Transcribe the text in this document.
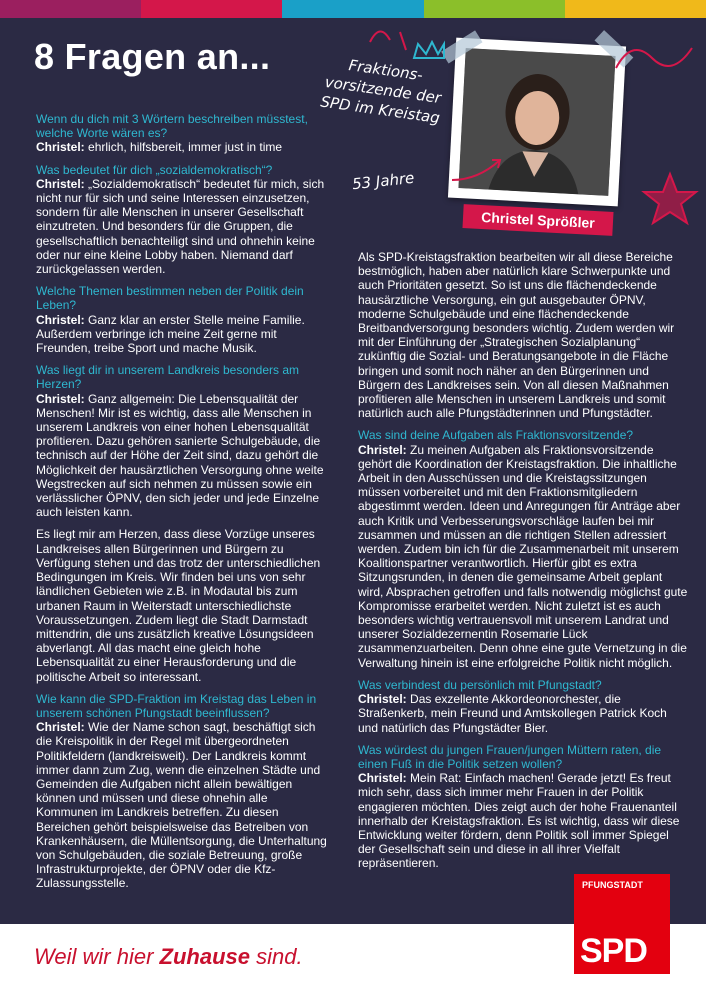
8 Fragen an...

Wenn du dich mit 3 Wörtern beschreiben müsstest, welche Worte wären es?
Christel: ehrlich, hilfsbereit, immer just in time

Was bedeutet für dich „sozialdemokratisch“?
Christel: „Sozialdemokratisch“ bedeutet für mich, sich nicht nur für sich und seine Interessen einzusetzen, sondern für alle Menschen in unserer Gesellschaft einzutreten. Und besonders für die Gruppen, die gesellschaftlich benachteiligt sind und ohnehin keine oder nur eine kleine Lobby haben. Niemand darf zurückgelassen werden.

Welche Themen bestimmen neben der Politik dein Leben?
Christel: Ganz klar an erster Stelle meine Familie. Außerdem verbringe ich meine Zeit gerne mit Freunden, treibe Sport und mache Musik.

Was liegt dir in unserem Landkreis besonders am Herzen?
Christel: Ganz allgemein: Die Lebensqualität der Menschen! Mir ist es wichtig, dass alle Menschen in unserem Landkreis von einer hohen Lebensqualität profitieren. Dazu gehören sanierte Schulgebäude, die technisch auf der Höhe der Zeit sind, dazu gehört die Möglichkeit der hausärztlichen Versorgung ohne weite Wegstrecken auf sich nehmen zu müssen sowie ein verlässlicher ÖPNV, den sich jeder und jede Einzelne auch leisten kann.

Es liegt mir am Herzen, dass diese Vorzüge unseres Landkreises allen Bürgerinnen und Bürgern zu Verfügung stehen und das trotz der unterschiedlichen Bedingungen im Kreis. Wir finden bei uns von sehr ländlichen Gebieten wie z.B. in Modautal bis zum urbanen Raum in Weiterstadt unterschiedlichste Voraussetzungen. Zudem liegt die Stadt Darmstadt mittendrin, die uns zusätzlich kreative Lösungsideen abverlangt. All das macht eine gleich hohe Lebensqualität zu einer Herausforderung und die politische Arbeit so interessant.

Wie kann die SPD-Fraktion im Kreistag das Leben in unserem schönen Pfungstadt beeinflussen?
Christel: Wie der Name schon sagt, beschäftigt sich die Kreispolitik in der Regel mit übergeordneten Politikfeldern (landkreisweit). Der Landkreis kommt immer dann zum Zug, wenn die einzelnen Städte und Gemeinden die Aufgaben nicht allein bewältigen können und müssen und diese ohnehin alle Kommunen im Landkreis betreffen. Zu diesen Bereichen gehört beispielsweise das Betreiben von Krankenhäusern, die Müllentsorgung, die Unterhaltung von Schulgebäuden, die soziale Betreuung, große Infrastrukturprojekte, der ÖPNV oder die Kfz-Zulassungsstelle.

Als SPD-Kreistagsfraktion bearbeiten wir all diese Bereiche bestmöglich, haben aber natürlich klare Schwerpunkte und auch Prioritäten gesetzt. So ist uns die flächendeckende hausärztliche Versorgung, ein gut ausgebauter ÖPNV, moderne Schulgebäude und eine flächendeckende Breitbandversorgung besonders wichtig. Zudem werden wir mit der Einführung der „Strategischen Sozialplanung“ zukünftig die Sozial- und Beratungsangebote in die Fläche bringen und somit noch näher an den Bürgerinnen und Bürgern des Landkreises sein. Von all diesen Maßnahmen profitieren alle Menschen in unserem Landkreis und somit natürlich auch alle Pfungstädterinnen und Pfungstädter.

Was sind deine Aufgaben als Fraktionsvorsitzende?
Christel: Zu meinen Aufgaben als Fraktionsvorsitzende gehört die Koordination der Kreistagsfraktion. Die inhaltliche Arbeit in den Ausschüssen und die Kreistagssitzungen müssen vorbereitet und mit den Fraktionsmitgliedern abgestimmt werden. Ideen und Anregungen für Anträge aber auch Kritik und Verbesserungsvorschläge laufen bei mir zusammen und müssen an die richtigen Stellen adressiert werden. Zudem bin ich für die Zusammenarbeit mit unserem Koalitionspartner verantwortlich. Hierfür gibt es extra Sitzungsrunden, in denen die gemeinsame Arbeit geplant wird, Absprachen getroffen und falls notwendig möglichst gute Kompromisse erarbeitet werden. Nicht zuletzt ist es auch besonders wichtig vertrauensvoll mit unserem Landrat und unserer Sozialdezernentin Rosemarie Lück zusammenzuarbeiten. Denn ohne eine gute Vernetzung in die Verwaltung hinein ist eine erfolgreiche Politik nicht möglich.

Was verbindest du persönlich mit Pfungstadt?
Christel: Das exzellente Akkordeonorchester, die Straßenkerb, mein Freund und Amtskollegen Patrick Koch und natürlich das Pfungstädter Bier.

Was würdest du jungen Frauen/jungen Müttern raten, die einen Fuß in die Politik setzen wollen?
Christel: Mein Rat: Einfach machen! Gerade jetzt! Es freut mich sehr, dass sich immer mehr Frauen in der Politik engagieren möchten. Dies zeigt auch der hohe Frauenanteil innerhalb der Kreistagsfraktion. Es ist wichtig, dass wir diese Entwicklung weiter fördern, denn Politik soll immer Spiegel der Gesellschaft sein und diese in all ihrer Vielfalt repräsentieren.

Fraktions-vorsitzende der SPD im Kreistag
53 Jahre
Christel Sprößler
Weil wir hier Zuhause sind.
PFUNGSTADT
SPD
